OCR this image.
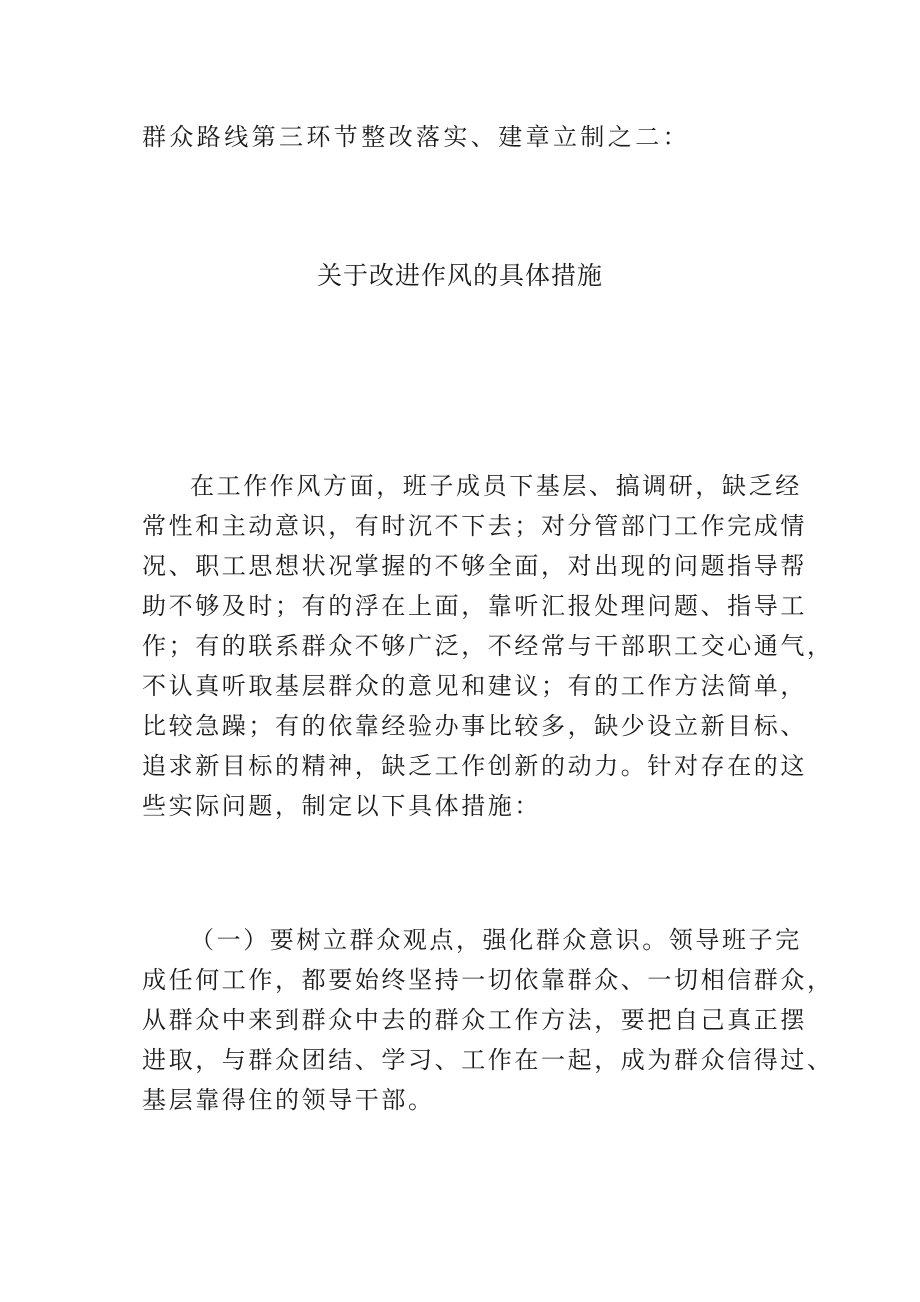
群众路线第三环节整改落实、建章立制之二：
关于改进作风的具体措施
在工作作风方面，班子成员下基层、搞调研，缺乏经
常性和主动意识，有时沉不下去；对分管部门工作完成情
况、职工思想状况掌握的不够全面，对出现的问题指导帮
助不够及时；有的浮在上面，靠听汇报处理问题、指导工
作；有的联系群众不够广泛，不经常与干部职工交心通气，
不认真听取基层群众的意见和建议；有的工作方法简单，
比较急躁；有的依靠经验办事比较多，缺少设立新目标、
追求新目标的精神，缺乏工作创新的动力。针对存在的这
些实际问题，制定以下具体措施：
（一）要树立群众观点，强化群众意识。领导班子完
成任何工作，都要始终坚持一切依靠群众、一切相信群众，
从群众中来到群众中去的群众工作方法，要把自己真正摆
进取，与群众团结、学习、工作在一起，成为群众信得过、
基层靠得住的领导干部。
